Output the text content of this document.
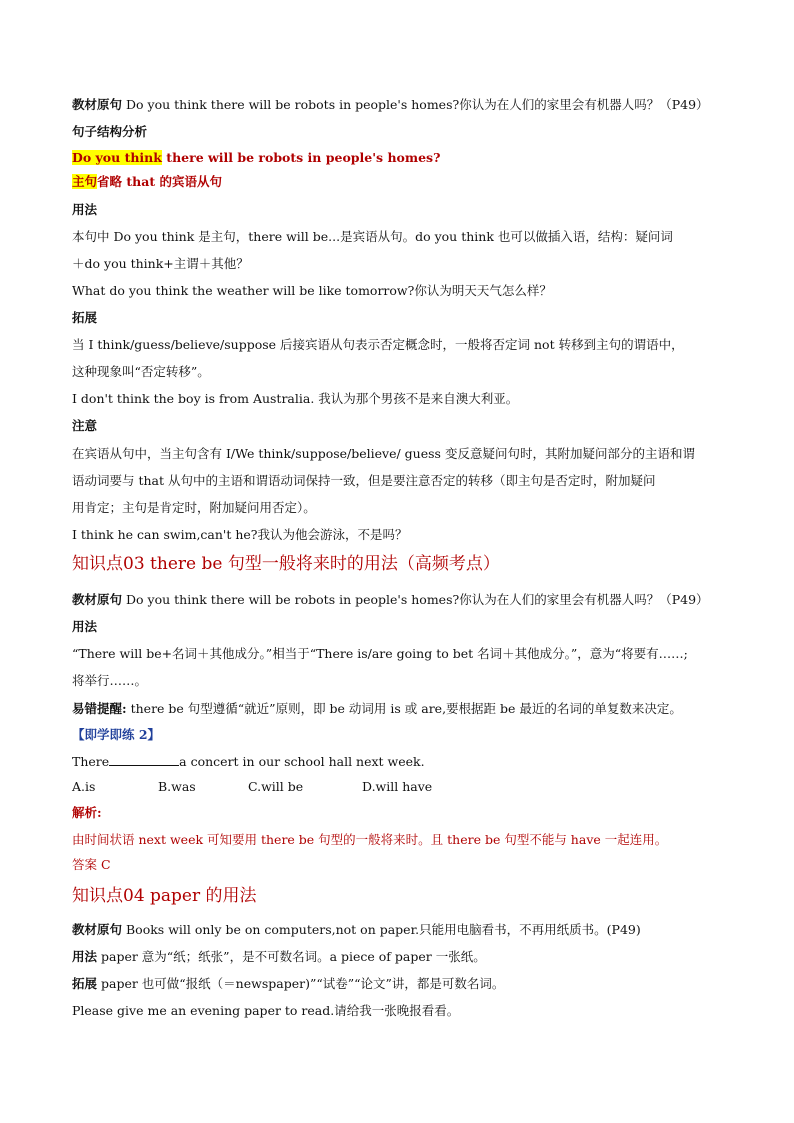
教材原句 Do you think there will be robots in people's homes?你认为在人们的家里会有机器人吗？（P49）
句子结构分析
Do you think there will be robots in people's homes?
主句省略 that 的宾语从句
用法
本句中 Do you think 是主句，there will be...是宾语从句。do you think 也可以做插入语，结构：疑问词
＋do you think+主谓＋其他？
What do you think the weather will be like tomorrow?你认为明天天气怎么样？
拓展
当 I think/guess/believe/suppose 后接宾语从句表示否定概念时，一般将否定词 not 转移到主句的谓语中，
这种现象叫“否定转移”。
I don't think the boy is from Australia. 我认为那个男孩不是来自澳大利亚。
注意
在宾语从句中，当主句含有 I/We think/suppose/believe/ guess 变反意疑问句时，其附加疑问部分的主语和谓
语动词要与 that 从句中的主语和谓语动词保持一致，但是要注意否定的转移（即主句是否定时，附加疑问
用肯定；主句是肯定时，附加疑问用否定）。
I think he can swim,can't he?我认为他会游泳，不是吗？
知识点03 there be 句型一般将来时的用法（高频考点）
教材原句 Do you think there will be robots in people's homes?你认为在人们的家里会有机器人吗？（P49）
用法
“There will be+名词＋其他成分。”相当于“There is/are going to bet 名词＋其他成分。”，意为“将要有……;
将举行……。
易错提醒: there be 句型遵循“就近”原则，即 be 动词用 is 或 are,要根据距 be 最近的名词的单复数来决定。
【即学即练 2】
There	a concert in our school hall next week.
A.is	B.was	C.will be	D.will have
解析:
由时间状语 next week 可知要用 there be 句型的一般将来时。且 there be 句型不能与 have 一起连用。
答案 C
知识点04 paper 的用法
教材原句 Books will only be on computers,not on paper.只能用电脑看书，不再用纸质书。(P49)
用法 paper 意为“纸；纸张”，是不可数名词。a piece of paper 一张纸。
拓展 paper 也可做“报纸（＝newspaper)”“试卷”“论文”讲，都是可数名词。
Please give me an evening paper to read.请给我一张晚报看看。
